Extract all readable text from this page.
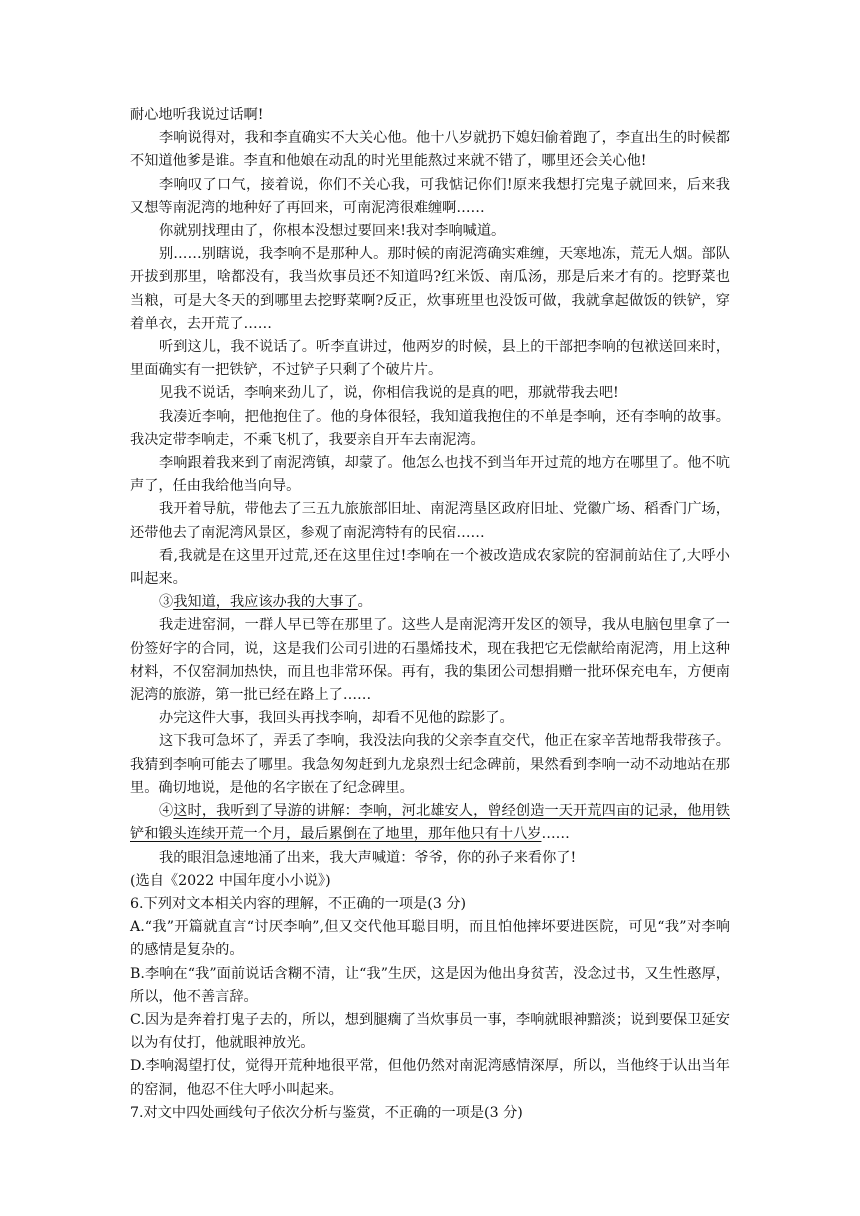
耐心地听我说过话啊!

李响说得对，我和李直确实不大关心他。他十八岁就扔下媳妇偷着跑了，李直出生的时候都不知道他爹是谁。李直和他娘在动乱的时光里能熬过来就不错了，哪里还会关心他!

李响叹了口气，接着说，你们不关心我，可我惦记你们!原来我想打完鬼子就回来，后来我又想等南泥湾的地种好了再回来，可南泥湾很难缠啊……

你就别找理由了，你根本没想过要回来!我对李响喊道。

别……别瞎说，我李响不是那种人。那时候的南泥湾确实难缠，天寒地冻，荒无人烟。部队开拔到那里，啥都没有，我当炊事员还不知道吗?红米饭、南瓜汤，那是后来才有的。挖野菜也当粮，可是大冬天的到哪里去挖野菜啊?反正，炊事班里也没饭可做，我就拿起做饭的铁铲，穿着单衣，去开荒了……

听到这儿，我不说话了。听李直讲过，他两岁的时候，县上的干部把李响的包袱送回来时，里面确实有一把铁铲，不过铲子只剩了个破片片。

见我不说话，李响来劲儿了，说，你相信我说的是真的吧，那就带我去吧!

我凑近李响，把他抱住了。他的身体很轻，我知道我抱住的不单是李响，还有李响的故事。我决定带李响走，不乘飞机了，我要亲自开车去南泥湾。

李响跟着我来到了南泥湾镇，却蒙了。他怎么也找不到当年开过荒的地方在哪里了。他不吭声了，任由我给他当向导。

我开着导航，带他去了三五九旅旅部旧址、南泥湾垦区政府旧址、党徽广场、稻香门广场，还带他去了南泥湾风景区，参观了南泥湾特有的民宿……

看,我就是在这里开过荒,还在这里住过!李响在一个被改造成农家院的窑洞前站住了,大呼小叫起来。

③我知道，我应该办我的大事了。

我走进窑洞，一群人早已等在那里了。这些人是南泥湾开发区的领导，我从电脑包里拿了一份签好字的合同，说，这是我们公司引进的石墨烯技术，现在我把它无偿献给南泥湾，用上这种材料，不仅窑洞加热快，而且也非常环保。再有，我的集团公司想捐赠一批环保充电车，方便南泥湾的旅游，第一批已经在路上了……

办完这件大事，我回头再找李响，却看不见他的踪影了。

这下我可急坏了，弄丢了李响，我没法向我的父亲李直交代，他正在家辛苦地帮我带孩子。我猜到李响可能去了哪里。我急匆匆赶到九龙泉烈士纪念碑前，果然看到李响一动不动地站在那里。确切地说，是他的名字嵌在了纪念碑里。

④这时，我听到了导游的讲解：李响，河北雄安人，曾经创造一天开荒四亩的记录，他用铁铲和锻头连续开荒一个月，最后累倒在了地里，那年他只有十八岁……

我的眼泪急速地涌了出来，我大声喊道：爷爷，你的孙子来看你了!

(选自《2022 中国年度小小说》)

6.下列对文本相关内容的理解，不正确的一项是(3 分)

A.“我”开篇就直言“讨厌李响”,但又交代他耳聪目明，而且怕他摔坏要进医院，可见“我”对李响的感情是复杂的。

B.李响在“我”面前说话含糊不清，让“我”生厌，这是因为他出身贫苦，没念过书，又生性憨厚，所以，他不善言辞。

C.因为是奔着打鬼子去的，所以，想到腿瘸了当炊事员一事，李响就眼神黯淡；说到要保卫延安以为有仗打，他就眼神放光。

D.李响渴望打仗，觉得开荒种地很平常，但他仍然对南泥湾感情深厚，所以，当他终于认出当年的窑洞，他忍不住大呼小叫起来。

7.对文中四处画线句子依次分析与鉴赏，不正确的一项是(3 分)
